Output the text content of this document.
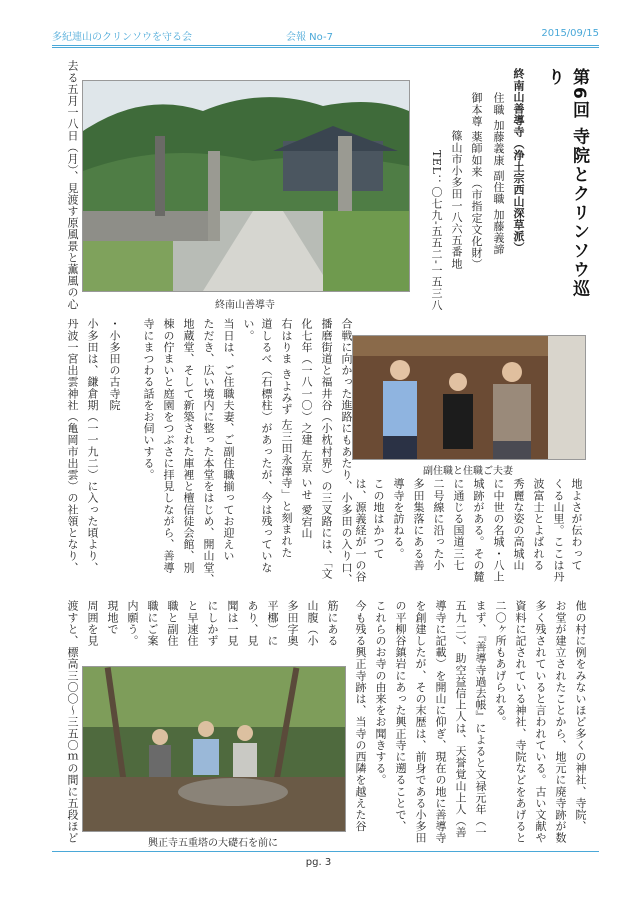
多紀連山のクリンソウを守る会	会報 No-7	2015/09/15
第6回 寺院とクリンソウ巡り
終南山善導寺（浄土宗西山深草派）
住職 加藤義康 副住職 加藤義諦
御本尊 薬師如来（市指定文化財）
篠山市小多田一八六五番地
TEL：〇七九‐五五二‐一五三八
終南山善導寺
去る五月一八日（月）、見渡す原風景と薫風の心
丹波一宮出雲神社（亀岡市出雲）の社領となり、 小多田は、鎌倉期（一一九二）に入った頃より、 ・小多田の古寺院 寺にまつわる話をお伺いする。 棟の佇まいと庭園をつぶさに拝見しながら、善導 地蔵堂、そして新築された庫裡と檀信徒会館、別 ただき、広い境内に整った本堂をはじめ、開山堂、 当日は、ご住職夫妻、ご副住職揃ってお迎えい い。 道しるべ（石標柱）があったが、今は残っていな 右はりま きよみず 左三田永澤寺」と刻まれた 化七年（一八一〇）之建 左京 いせ 愛宕山 播磨街道と福井谷（小枕村界）の三叉路には、「文 合戦に向かった進路にもあたり、小多田の入り口、	副住職と住職ご夫妻
は、源義経が一の谷 この地はかつて 導寺を訪ねる。 多田集落にある善 二号線に沿った小 に通じる国道三七 城跡がある。その麓 に中世の名城・八上 秀麗な姿の高城山 波富士とよばれる くる山里。ここは丹 地よさが伝わって
渡すと、標高三〇〇〜三五〇ｍの間に五段ほど 周囲を見 現地で 内願う。 職にご案 職と副住 と早速住 にしかず 聞は一見 あり、見 平梛）に 多田字奥 山腹（小 筋にある
興正寺五重塔の大礎石を前に
今も残る興正寺跡は、当寺の西隣を越えた谷 これらのお寺の由来をお聞きする。 の平柳谷鎮岩にあった興正寺に遡ることで、 を創建したが、その末歴は、前身である小多田 導寺に記載）を開山に仰ぎ、現在の地に善導寺 五九二）、助空益信上人は、天誉覚山上人（善 まず、『善導寺過去帳』によると文禄元年（一 二〇ヶ所もあげられる。 資料に記されている神社、寺院などをあげると 多く残されていると言われている。古い文献や お堂が建立されたことから、地元に廃寺跡が数 他の村に例をみないほど多くの神社、寺院、
pg. 3
